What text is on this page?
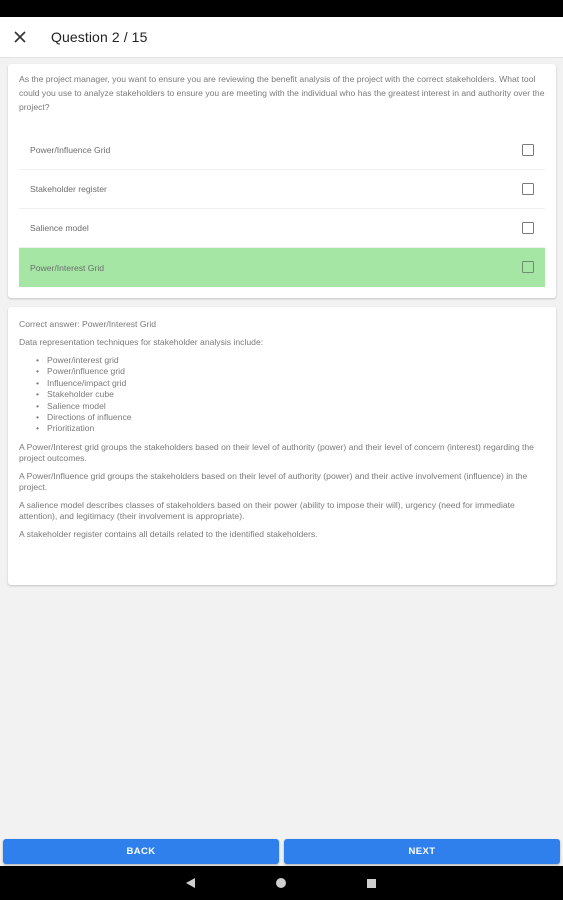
Question 2 / 15
As the project manager, you want to ensure you are reviewing the benefit analysis of the project with the correct stakeholders. What tool could you use to analyze stakeholders to ensure you are meeting with the individual who has the greatest interest in and authority over the project?
Power/Influence Grid
Stakeholder register
Salience model
Power/Interest Grid
Correct answer: Power/Interest Grid
Data representation techniques for stakeholder analysis include:
• Power/interest grid
• Power/influence grid
• Influence/impact grid
• Stakeholder cube
• Salience model
• Directions of influence
• Prioritization
A Power/Interest grid groups the stakeholders based on their level of authority (power) and their level of concern (interest) regarding the project outcomes.
A Power/Influence grid groups the stakeholders based on their level of authority (power) and their active involvement (influence) in the project.
A salience model describes classes of stakeholders based on their power (ability to impose their will), urgency (need for immediate attention), and legitimacy (their involvement is appropriate).
A stakeholder register contains all details related to the identified stakeholders.
BACK	NEXT
